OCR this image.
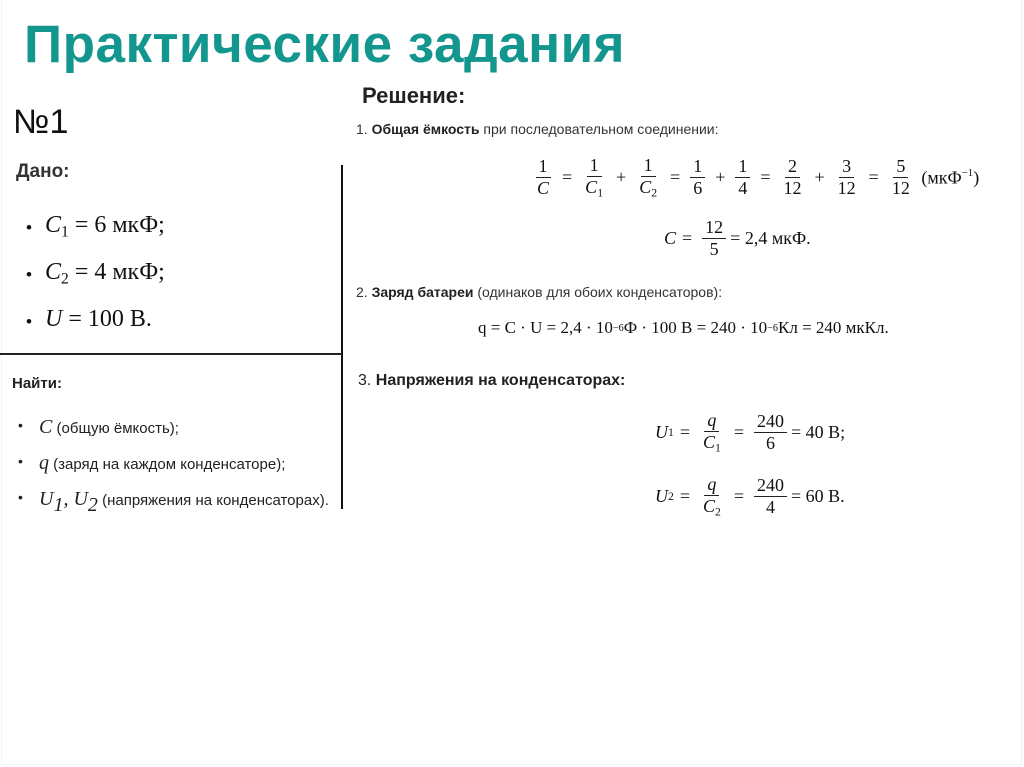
Практические задания
№1
Дано:
• $C_1 = 6$ мкФ;
• $C_2 = 4$ мкФ;
• U = 100 В.
Найти:
• C (общую ёмкость);
• q (заряд на каждом конденсаторе);
• $U_1$, $U_2$ (напряжения на конденсаторах).
Решение:
1. Общая ёмкость при последовательном соединении:
$\frac{1}{C} = \frac{1}{C_1} + \frac{1}{C_2} = \frac{1}{6} + \frac{1}{4} = \frac{2}{12} + \frac{3}{12} = \frac{5}{12} (мкФ^{-1})$
$C = \frac{12}{5} = 2,4$ мкФ.
2. Заряд батареи (одинаков для обоих конденсаторов):
q = C · U = 2,4 · 10 −6 Ф · 100 В = 240 · 10 −6 Кл = 240 мкКл.
3. Напряжения на конденсаторах:
U $1 = \frac{q}{C_1} = \frac{240}{6} = 40$ В;
U $2 = \frac{q}{C_2} = \frac{240}{4} = 60$ В.
